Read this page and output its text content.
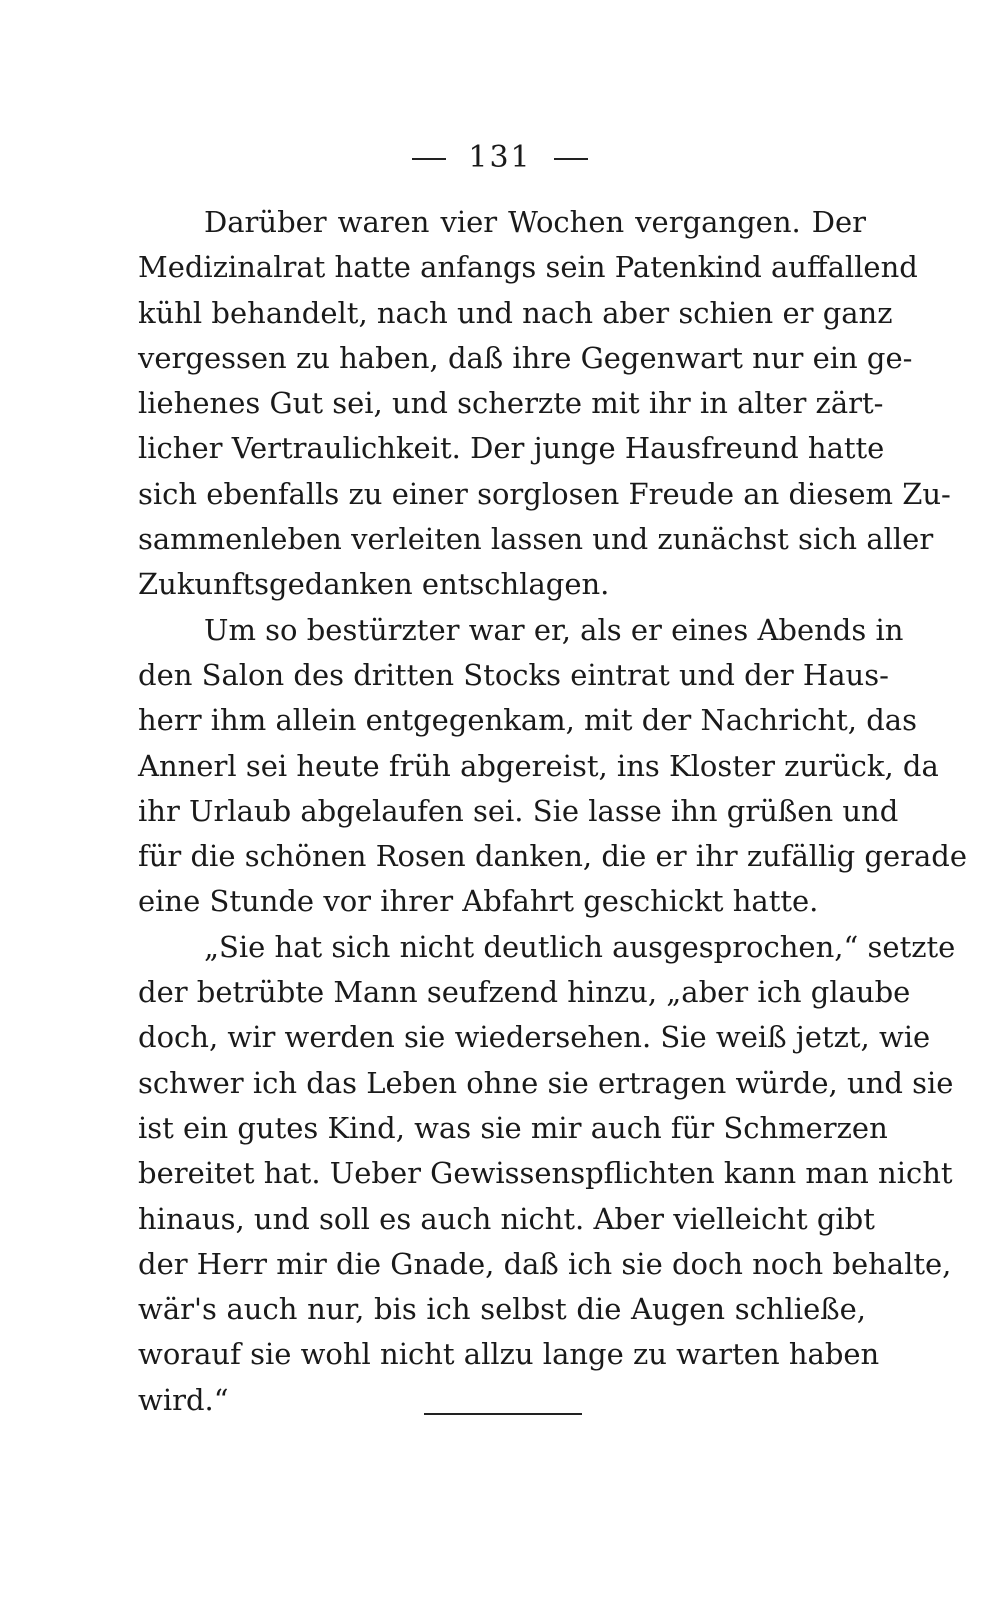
131
Darüber waren vier Wochen vergangen. Der
Medizinalrat hatte anfangs sein Patenkind auffallend
kühl behandelt, nach und nach aber schien er ganz
vergessen zu haben, daß ihre Gegenwart nur ein ge-
liehenes Gut sei, und scherzte mit ihr in alter zärt-
licher Vertraulichkeit. Der junge Hausfreund hatte
sich ebenfalls zu einer sorglosen Freude an diesem Zu-
sammenleben verleiten lassen und zunächst sich aller
Zukunftsgedanken entschlagen.
Um so bestürzter war er, als er eines Abends in
den Salon des dritten Stocks eintrat und der Haus-
herr ihm allein entgegenkam, mit der Nachricht, das
Annerl sei heute früh abgereist, ins Kloster zurück, da
ihr Urlaub abgelaufen sei. Sie lasse ihn grüßen und
für die schönen Rosen danken, die er ihr zufällig gerade
eine Stunde vor ihrer Abfahrt geschickt hatte.
„Sie hat sich nicht deutlich ausgesprochen,“ setzte
der betrübte Mann seufzend hinzu, „aber ich glaube
doch, wir werden sie wiedersehen. Sie weiß jetzt, wie
schwer ich das Leben ohne sie ertragen würde, und sie
ist ein gutes Kind, was sie mir auch für Schmerzen
bereitet hat. Ueber Gewissenspflichten kann man nicht
hinaus, und soll es auch nicht. Aber vielleicht gibt
der Herr mir die Gnade, daß ich sie doch noch behalte,
wär's auch nur, bis ich selbst die Augen schließe,
worauf sie wohl nicht allzu lange zu warten haben
wird.“
